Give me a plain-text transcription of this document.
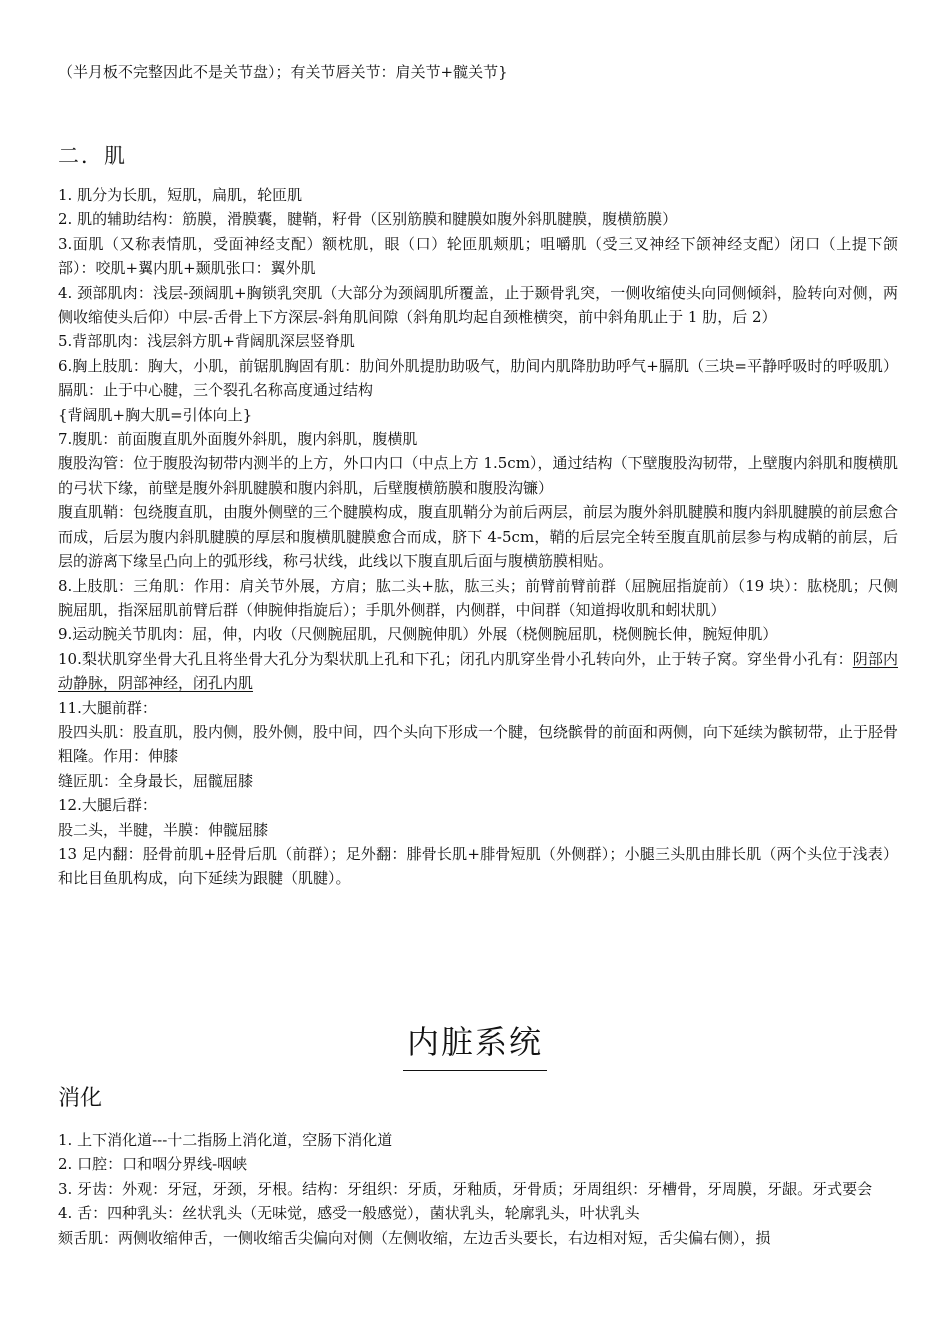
（半月板不完整因此不是关节盘）；有关节唇关节：肩关节+髋关节}
二．肌

1. 肌分为长肌，短肌，扁肌，轮匝肌

2. 肌的辅助结构：筋膜，滑膜囊，腱鞘，籽骨（区别筋膜和腱膜如腹外斜肌腱膜，腹横筋膜）

3.面肌（又称表情肌，受面神经支配）额枕肌，眼（口）轮匝肌颊肌；咀嚼肌（受三叉神经下颌神经支配）闭口（上提下颌部）：咬肌+翼内肌+颞肌张口：翼外肌

4. 颈部肌肉：浅层-颈阔肌+胸锁乳突肌（大部分为颈阔肌所覆盖，止于颞骨乳突，一侧收缩使头向同侧倾斜，脸转向对侧，两侧收缩使头后仰）中层-舌骨上下方深层-斜角肌间隙（斜角肌均起自颈椎横突，前中斜角肌止于 1 肋，后 2）

5.背部肌肉：浅层斜方肌+背阔肌深层竖脊肌

6.胸上肢肌：胸大，小肌，前锯肌胸固有肌：肋间外肌提肋助吸气，肋间内肌降肋助呼气+膈肌（三块=平静呼吸时的呼吸肌）膈肌：止于中心腱，三个裂孔名称高度通过结构

{背阔肌+胸大肌=引体向上}

7.腹肌：前面腹直肌外面腹外斜肌，腹内斜肌，腹横肌

腹股沟管：位于腹股沟韧带内测半的上方，外口内口（中点上方 1.5cm），通过结构（下壁腹股沟韧带，上壁腹内斜肌和腹横肌的弓状下缘，前壁是腹外斜肌腱膜和腹内斜肌，后壁腹横筋膜和腹股沟镰）

腹直肌鞘：包绕腹直肌，由腹外侧壁的三个腱膜构成，腹直肌鞘分为前后两层，前层为腹外斜肌腱膜和腹内斜肌腱膜的前层愈合而成，后层为腹内斜肌腱膜的厚层和腹横肌腱膜愈合而成，脐下 4-5cm，鞘的后层完全转至腹直肌前层参与构成鞘的前层，后层的游离下缘呈凸向上的弧形线，称弓状线，此线以下腹直肌后面与腹横筋膜相贴。

8.上肢肌：三角肌：作用：肩关节外展，方肩；肱二头+肱，肱三头；前臂前臂前群（屈腕屈指旋前）（19 块）：肱桡肌；尺侧腕屈肌，指深屈肌前臂后群（伸腕伸指旋后）；手肌外侧群，内侧群，中间群（知道拇收肌和蚓状肌）

9.运动腕关节肌肉：屈，伸，内收（尺侧腕屈肌，尺侧腕伸肌）外展（桡侧腕屈肌，桡侧腕长伸，腕短伸肌）

10.梨状肌穿坐骨大孔且将坐骨大孔分为梨状肌上孔和下孔；闭孔内肌穿坐骨小孔转向外，止于转子窝。穿坐骨小孔有：阴部内动静脉，阴部神经，闭孔内肌

11.大腿前群：

股四头肌：股直肌，股内侧，股外侧，股中间，四个头向下形成一个腱，包绕髌骨的前面和两侧，向下延续为髌韧带，止于胫骨粗隆。作用：伸膝

缝匠肌：全身最长，屈髋屈膝

12.大腿后群：

股二头，半腱，半膜：伸髋屈膝

13 足内翻：胫骨前肌+胫骨后肌（前群）；足外翻：腓骨长肌+腓骨短肌（外侧群）；小腿三头肌由腓长肌（两个头位于浅表）和比目鱼肌构成，向下延续为跟腱（肌腱）。

内脏系统
消化

1. 上下消化道---十二指肠上消化道，空肠下消化道

2. 口腔：口和咽分界线-咽峡

3. 牙齿：外观：牙冠，牙颈，牙根。结构：牙组织：牙质，牙釉质，牙骨质；牙周组织：牙槽骨，牙周膜，牙龈。牙式要会

4. 舌：四种乳头：丝状乳头（无味觉，感受一般感觉），菌状乳头，轮廓乳头，叶状乳头

颏舌肌：两侧收缩伸舌，一侧收缩舌尖偏向对侧（左侧收缩，左边舌头要长，右边相对短，舌尖偏右侧），损
